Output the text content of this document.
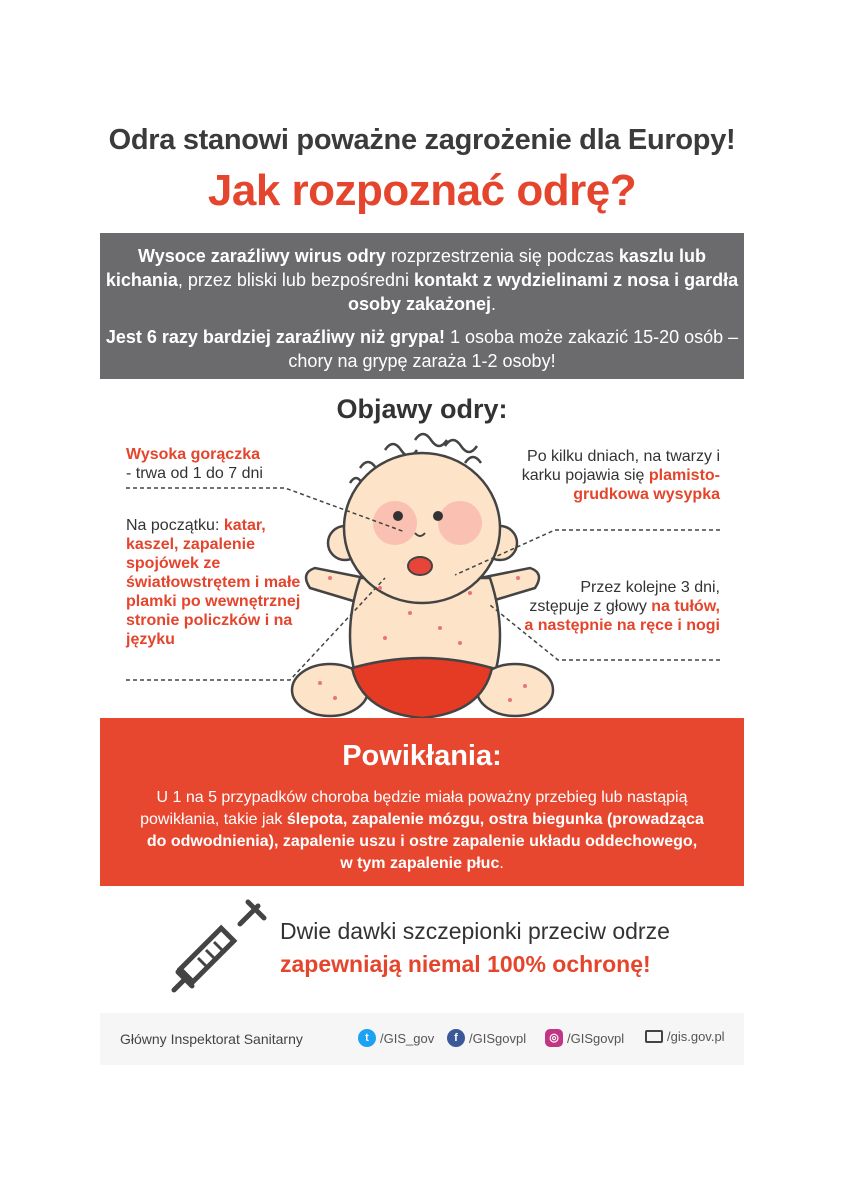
Odra stanowi poważne zagrożenie dla Europy!
Jak rozpoznać odrę?

Wysoce zaraźliwy wirus odry rozprzestrzenia się podczas kaszlu lub kichania, przez bliski lub bezpośredni kontakt z wydzielinami z nosa i gardła osoby zakażonej.

Jest 6 razy bardziej zaraźliwy niż grypa! 1 osoba może zakazić 15-20 osób – chory na grypę zaraża 1-2 osoby!

Objawy odry:
Wysoka gorączka
- trwa od 1 do 7 dni
Na początku: katar, kaszel, zapalenie spojówek ze światłowstrętem i małe plamki po wewnętrznej stronie policzków i na języku
Po kilku dniach, na twarzy i karku pojawia się plamisto-grudkowa wysypka
Przez kolejne 3 dni, zstępuje z głowy na tułów, a następnie na ręce i nogi
Powikłania:
U 1 na 5 przypadków choroba będzie miała poważny przebieg lub nastąpią powikłania, takie jak ślepota, zapalenie mózgu, ostra biegunka (prowadząca do odwodnienia), zapalenie uszu i ostre zapalenie układu oddechowego, w tym zapalenie płuc.
Dwie dawki szczepionki przeciw odrze
zapewniają niemal 100% ochronę!
Główny Inspektorat Sanitarny	t /GIS_gov	f /GISgovpl	◎ /GISgovpl	/gis.gov.pl
